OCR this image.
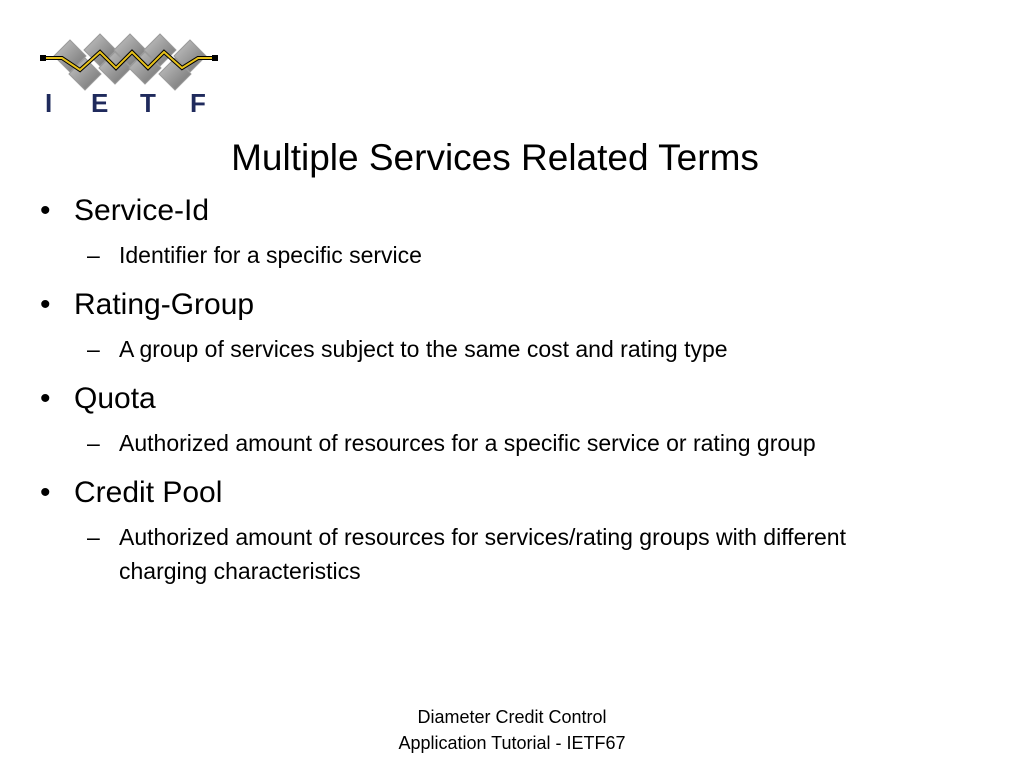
I E T F
Multiple Services Related Terms
• Service-Id
– Identifier for a specific service
• Rating-Group
– A group of services subject to the same cost and rating type
• Quota
– Authorized amount of resources for a specific service or rating group
• Credit Pool
– Authorized amount of resources for services/rating groups with different charging characteristics
Diameter Credit Control
Application Tutorial - IETF67
